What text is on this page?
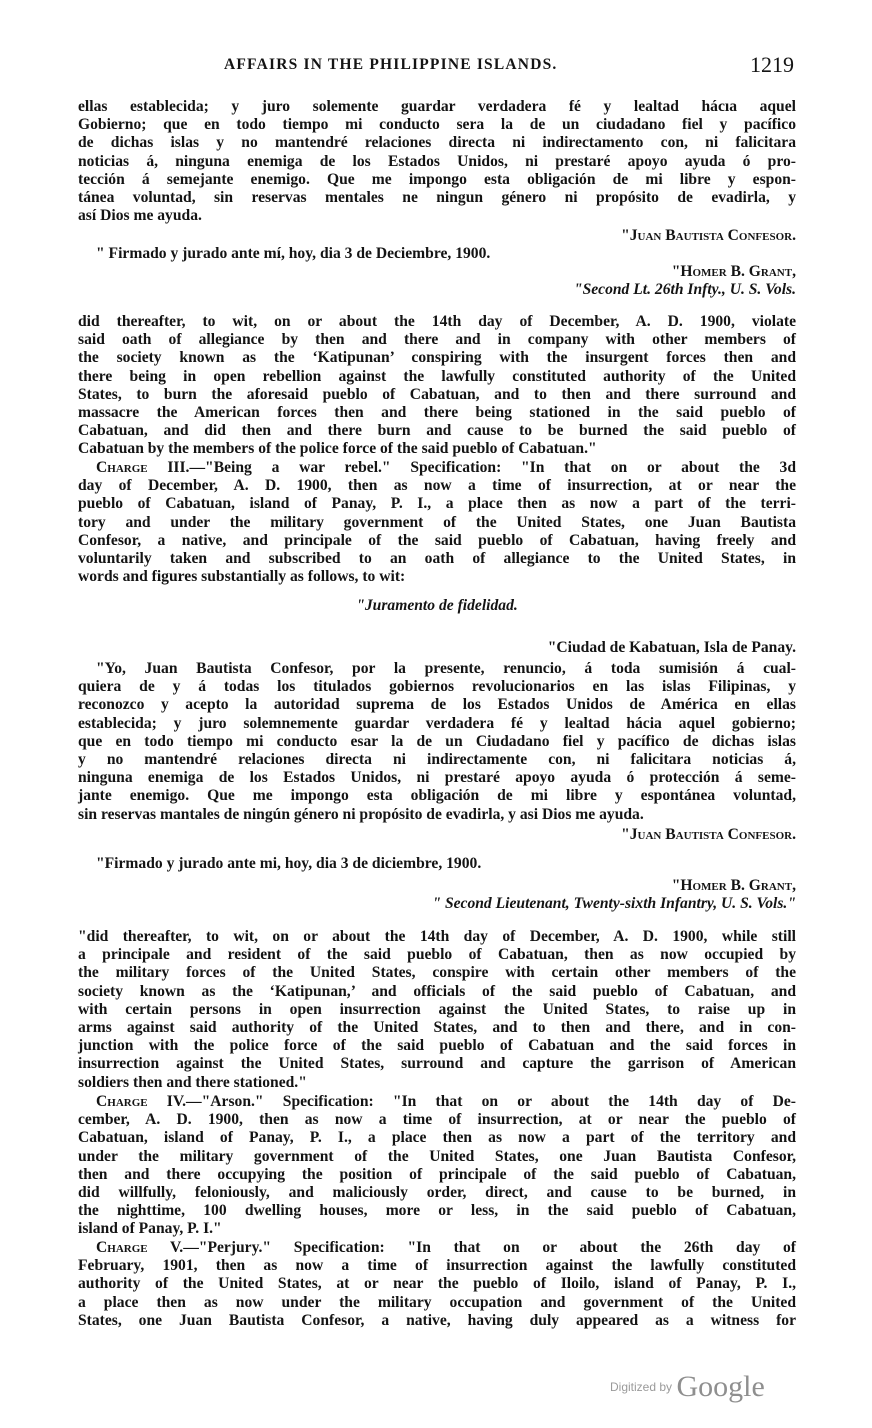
AFFAIRS IN THE PHILIPPINE ISLANDS.	1219
ellas establecida; y juro solemente guardar verdadera fé y lealtad hácıa aquel
Gobierno; que en todo tiempo mi conducto sera la de un ciudadano fiel y pacífico
de dichas islas y no mantendré relaciones directa ni indirectamento con, ni falicitara
noticias á, ninguna enemiga de los Estados Unidos, ni prestaré apoyo ayuda ó pro-
tección á semejante enemigo. Que me impongo esta obligación de mi libre y espon-
tánea voluntad, sin reservas mentales ne ningun género ni propósito de evadirla, y
así Dios me ayuda.
"Juan Bautista Confesor.
" Firmado y jurado ante mí, hoy, dia 3 de Deciembre, 1900.
"Homer B. Grant,
"Second Lt. 26th Infty., U. S. Vols.
did thereafter, to wit, on or about the 14th day of December, A. D. 1900, violate
said oath of allegiance by then and there and in company with other members of
the society known as the ‘Katipunan’ conspiring with the insurgent forces then and
there being in open rebellion against the lawfully constituted authority of the United
States, to burn the aforesaid pueblo of Cabatuan, and to then and there surround and
massacre the American forces then and there being stationed in the said pueblo of
Cabatuan, and did then and there burn and cause to be burned the said pueblo of
Cabatuan by the members of the police force of the said pueblo of Cabatuan."
Charge III.—"Being a war rebel." Specification: "In that on or about the 3d
day of December, A. D. 1900, then as now a time of insurrection, at or near the
pueblo of Cabatuan, island of Panay, P. I., a place then as now a part of the terri-
tory and under the military government of the United States, one Juan Bautista
Confesor, a native, and principale of the said pueblo of Cabatuan, having freely and
voluntarily taken and subscribed to an oath of allegiance to the United States, in
words and figures substantially as follows, to wit:
"Juramento de fidelidad.
"Ciudad de Kabatuan, Isla de Panay.
"Yo, Juan Bautista Confesor, por la presente, renuncio, á toda sumisión á cual-
quiera de y á todas los titulados gobiernos revolucionarios en las islas Filipinas, y
reconozco y acepto la autoridad suprema de los Estados Unidos de América en ellas
establecida; y juro solemnemente guardar verdadera fé y lealtad hácia aquel gobierno;
que en todo tiempo mi conducto esar la de un Ciudadano fiel y pacífico de dichas islas
y no mantendré relaciones directa ni indirectamente con, ni falicitara noticias á,
ninguna enemiga de los Estados Unidos, ni prestaré apoyo ayuda ó protección á seme-
jante enemigo. Que me impongo esta obligación de mi libre y espontánea voluntad,
sin reservas mantales de ningún género ni propósito de evadirla, y asi Dios me ayuda.
"Juan Bautista Confesor.
"Firmado y jurado ante mi, hoy, dia 3 de diciembre, 1900.
"Homer B. Grant,
" Second Lieutenant, Twenty-sixth Infantry, U. S. Vols."
"did thereafter, to wit, on or about the 14th day of December, A. D. 1900, while still
a principale and resident of the said pueblo of Cabatuan, then as now occupied by
the military forces of the United States, conspire with certain other members of the
society known as the ‘Katipunan,’ and officials of the said pueblo of Cabatuan, and
with certain persons in open insurrection against the United States, to raise up in
arms against said authority of the United States, and to then and there, and in con-
junction with the police force of the said pueblo of Cabatuan and the said forces in
insurrection against the United States, surround and capture the garrison of American
soldiers then and there stationed."
Charge IV.—"Arson." Specification: "In that on or about the 14th day of De-
cember, A. D. 1900, then as now a time of insurrection, at or near the pueblo of
Cabatuan, island of Panay, P. I., a place then as now a part of the territory and
under the military government of the United States, one Juan Bautista Confesor,
then and there occupying the position of principale of the said pueblo of Cabatuan,
did willfully, feloniously, and maliciously order, direct, and cause to be burned, in
the nighttime, 100 dwelling houses, more or less, in the said pueblo of Cabatuan,
island of Panay, P. I."
Charge V.—"Perjury." Specification: "In that on or about the 26th day of
February, 1901, then as now a time of insurrection against the lawfully constituted
authority of the United States, at or near the pueblo of Iloilo, island of Panay, P. I.,
a place then as now under the military occupation and government of the United
States, one Juan Bautista Confesor, a native, having duly appeared as a witness for
Digitized by Google
